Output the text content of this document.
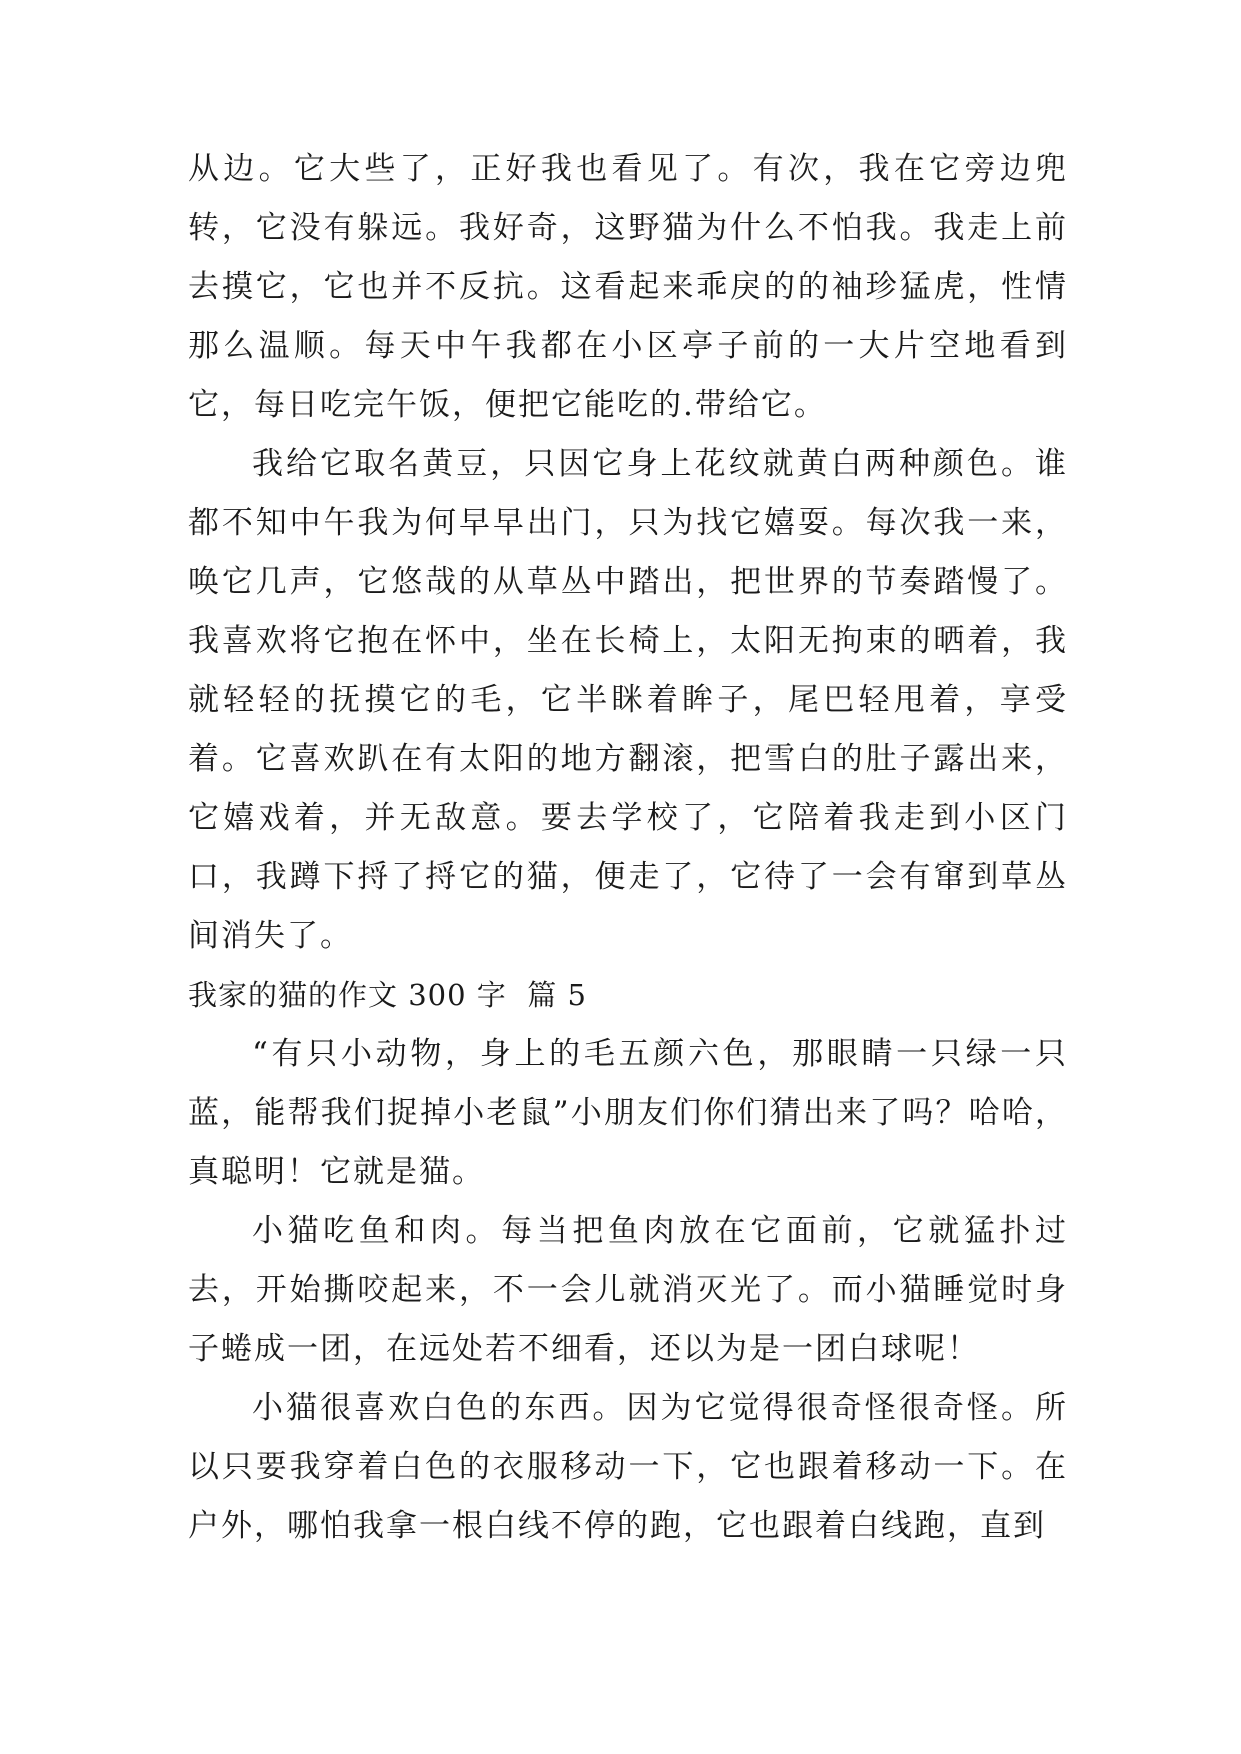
从边。它大些了，正好我也看见了。有次，我在它旁边兜转，它没有躲远。我好奇，这野猫为什么不怕我。我走上前去摸它，它也并不反抗。这看起来乖戾的的袖珍猛虎，性情那么温顺。每天中午我都在小区亭子前的一大片空地看到它，每日吃完午饭，便把它能吃的.带给它。

我给它取名黄豆，只因它身上花纹就黄白两种颜色。谁都不知中午我为何早早出门，只为找它嬉耍。每次我一来，唤它几声，它悠哉的从草丛中踏出，把世界的节奏踏慢了。我喜欢将它抱在怀中，坐在长椅上，太阳无拘束的晒着，我就轻轻的抚摸它的毛，它半眯着眸子，尾巴轻甩着，享受着。它喜欢趴在有太阳的地方翻滚，把雪白的肚子露出来，它嬉戏着，并无敌意。要去学校了，它陪着我走到小区门口，我蹲下捋了捋它的猫，便走了，它待了一会有窜到草丛间消失了。

我家的猫的作文 300 字  篇 5

“有只小动物，身上的毛五颜六色，那眼睛一只绿一只蓝，能帮我们捉掉小老鼠”小朋友们你们猜出来了吗？哈哈，真聪明！它就是猫。

小猫吃鱼和肉。每当把鱼肉放在它面前，它就猛扑过去，开始撕咬起来，不一会儿就消灭光了。而小猫睡觉时身子蜷成一团，在远处若不细看，还以为是一团白球呢！

小猫很喜欢白色的东西。因为它觉得很奇怪很奇怪。所以只要我穿着白色的衣服移动一下，它也跟着移动一下。在户外，哪怕我拿一根白线不停的跑，它也跟着白线跑，直到
